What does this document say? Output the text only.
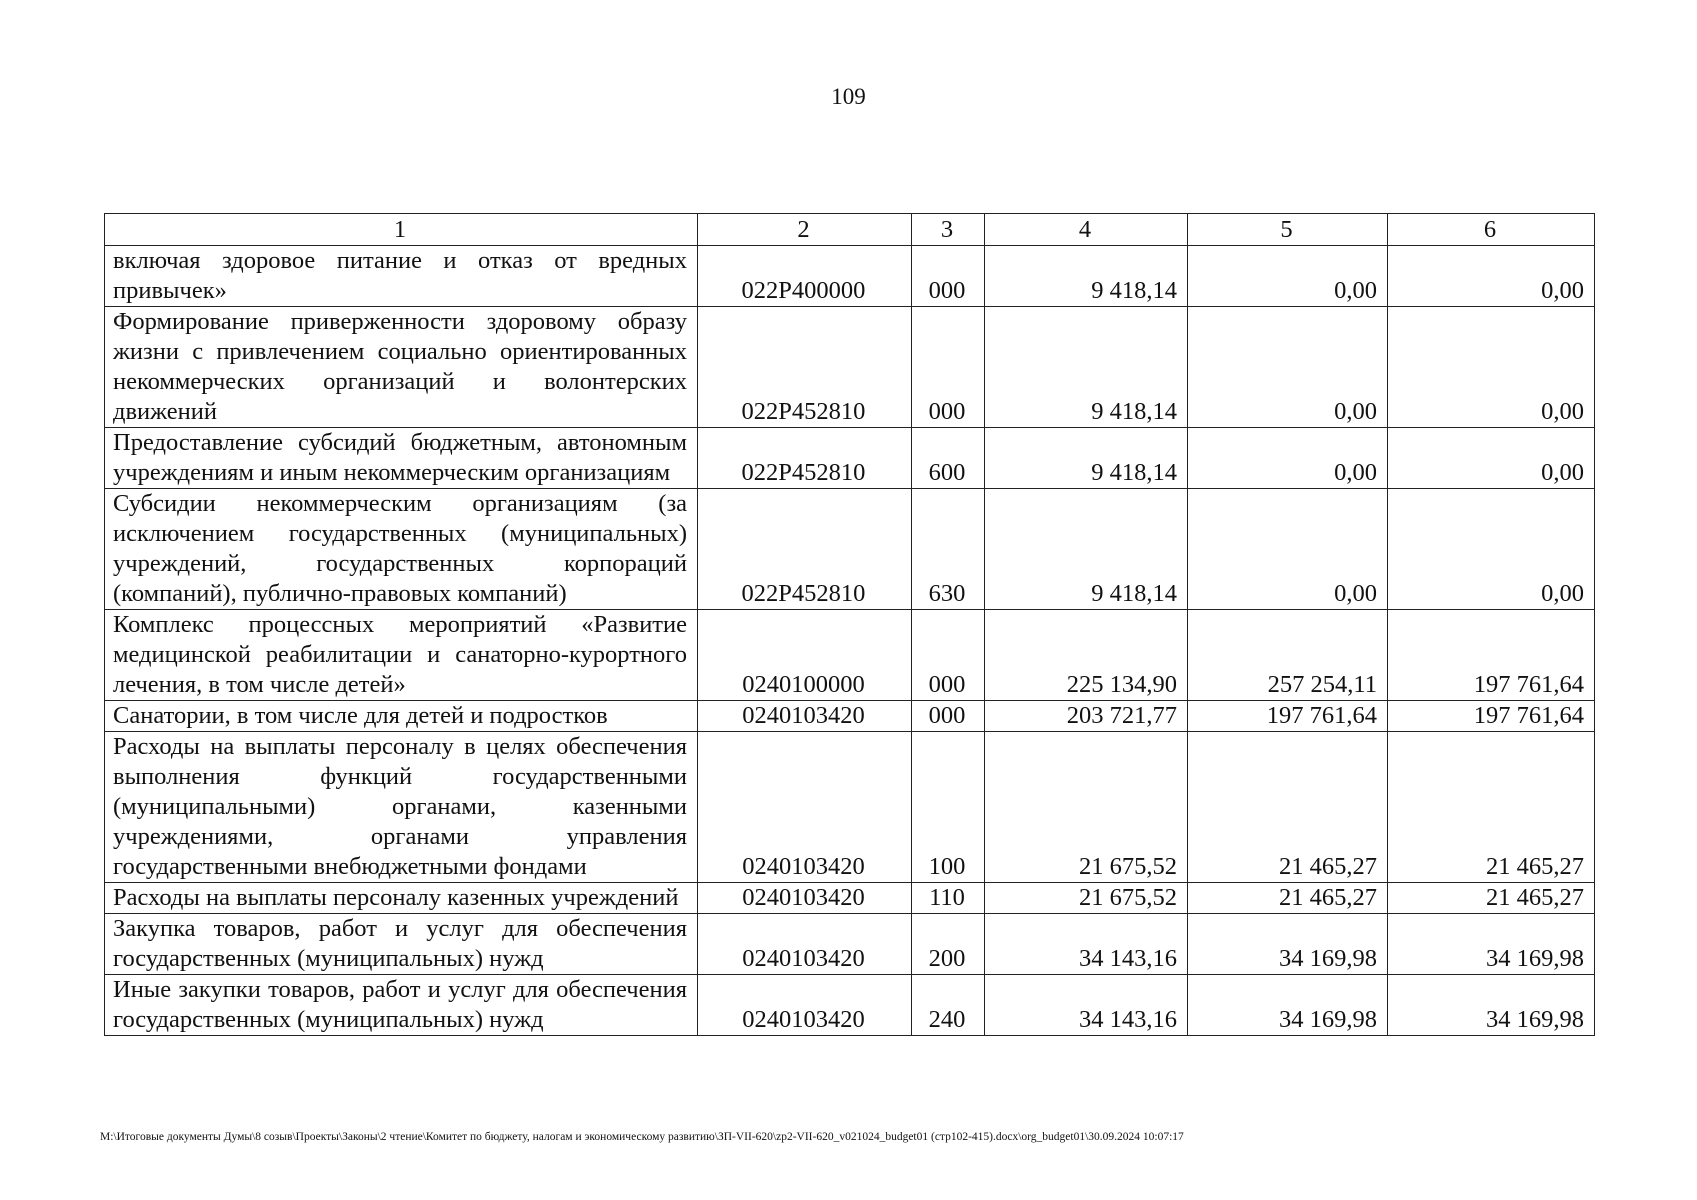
109
1	2	3	4	5	6
включая здоровое питание и отказ от вредных привычек»	022Р400000	000	9 418,14	0,00	0,00
Формирование приверженности здоровому образу жизни с привлечением социально ориентированных некоммерческих организаций и волонтерских движений	022Р452810	000	9 418,14	0,00	0,00
Предоставление субсидий бюджетным, автономным учреждениям и иным некоммерческим организациям	022Р452810	600	9 418,14	0,00	0,00
Субсидии некоммерческим организациям (за исключением государственных (муниципальных) учреждений, государственных корпораций (компаний), публично-правовых компаний)	022Р452810	630	9 418,14	0,00	0,00
Комплекс процессных мероприятий «Развитие медицинской реабилитации и санаторно-курортного лечения, в том числе детей»	0240100000	000	225 134,90	257 254,11	197 761,64
Санатории, в том числе для детей и подростков	0240103420	000	203 721,77	197 761,64	197 761,64
Расходы на выплаты персоналу в целях обеспечения выполнения функций государственными (муниципальными) органами, казенными учреждениями, органами управления государственными внебюджетными фондами	0240103420	100	21 675,52	21 465,27	21 465,27
Расходы на выплаты персоналу казенных учреждений	0240103420	110	21 675,52	21 465,27	21 465,27
Закупка товаров, работ и услуг для обеспечения государственных (муниципальных) нужд	0240103420	200	34 143,16	34 169,98	34 169,98
Иные закупки товаров, работ и услуг для обеспечения государственных (муниципальных) нужд	0240103420	240	34 143,16	34 169,98	34 169,98
M:\Итоговые документы Думы\8 созыв\Проекты\Законы\2 чтение\Комитет по бюджету, налогам и экономическому развитию\ЗП-VII-620\zp2-VII-620_v021024_budget01 (стр102-415).docx\org_budget01\30.09.2024 10:07:17
